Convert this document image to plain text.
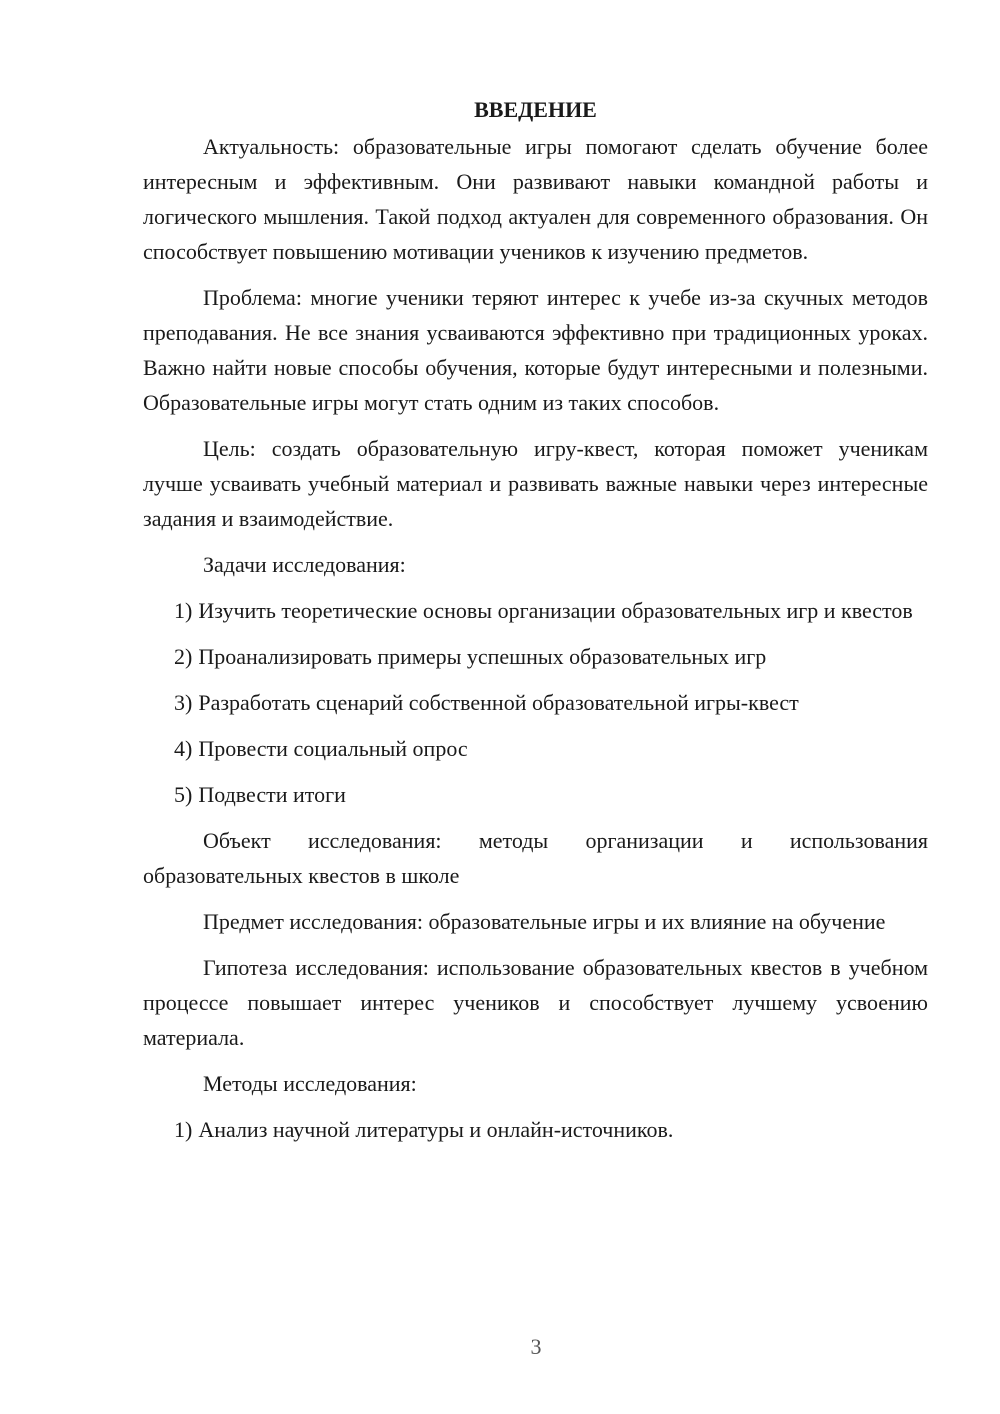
ВВЕДЕНИЕ

Актуальность: образовательные игры помогают сделать обучение более интересным и эффективным. Они развивают навыки командной работы и логического мышления. Такой подход актуален для современного образования. Он способствует повышению мотивации учеников к изучению предметов.

Проблема: многие ученики теряют интерес к учебе из-за скучных методов преподавания. Не все знания усваиваются эффективно при традиционных уроках. Важно найти новые способы обучения, которые будут интересными и полезными. Образовательные игры могут стать одним из таких способов.

Цель: создать образовательную игру-квест, которая поможет ученикам лучше усваивать учебный материал и развивать важные навыки через интересные задания и взаимодействие.

Задачи исследования:

1) Изучить теоретические основы организации образовательных игр и квестов

2) Проанализировать примеры успешных образовательных игр

3) Разработать сценарий собственной образовательной игры-квест

4) Провести социальный опрос

5) Подвести итоги

Объект исследования: методы организации и использования образовательных квестов в школе

Предмет исследования: образовательные игры и их влияние на обучение

Гипотеза исследования: использование образовательных квестов в учебном процессе повышает интерес учеников и способствует лучшему усвоению материала.

Методы исследования:

1) Анализ научной литературы и онлайн-источников.

3
